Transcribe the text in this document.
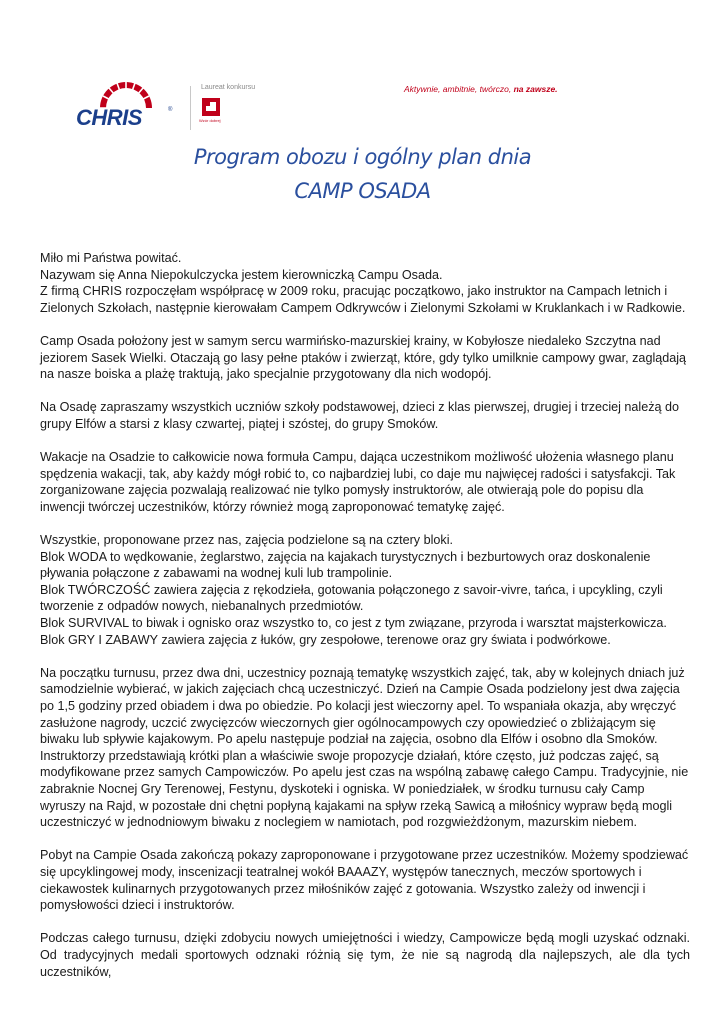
CHRIS	®
Laureat konkursu
Wzór dobrej
Aktywnie, ambitnie, twórczo, na zawsze.
Program obozu i ogólny plan dnia
CAMP OSADA

Miło mi Państwa powitać.
Nazywam się Anna Niepokulczycka jestem kierowniczką Campu Osada.
Z firmą CHRIS rozpoczęłam współpracę w 2009 roku, pracując początkowo, jako instruktor na Campach letnich i Zielonych Szkołach, następnie kierowałam Campem Odkrywców i Zielonymi Szkołami w Kruklankach i w Radkowie.

Camp Osada położony jest w samym sercu warmińsko-mazurskiej krainy, w Kobyłosze niedaleko Szczytna nad jeziorem Sasek Wielki. Otaczają go lasy pełne ptaków i zwierząt, które, gdy tylko umilknie campowy gwar, zaglądają na nasze boiska a plażę traktują, jako specjalnie przygotowany dla nich wodopój.

Na Osadę zapraszamy wszystkich uczniów szkoły podstawowej, dzieci z klas pierwszej, drugiej i trzeciej należą do grupy Elfów a starsi z klasy czwartej, piątej i szóstej, do grupy Smoków.

Wakacje na Osadzie to całkowicie nowa formuła Campu, dająca uczestnikom możliwość ułożenia własnego planu spędzenia wakacji, tak, aby każdy mógł robić to, co najbardziej lubi, co daje mu najwięcej radości i satysfakcji. Tak zorganizowane zajęcia pozwalają realizować nie tylko pomysły instruktorów, ale otwierają pole do popisu dla inwencji twórczej uczestników, którzy również mogą zaproponować tematykę zajęć.

Wszystkie, proponowane przez nas, zajęcia podzielone są na cztery bloki.
Blok WODA to wędkowanie, żeglarstwo, zajęcia na kajakach turystycznych i bezburtowych oraz doskonalenie pływania połączone z zabawami na wodnej kuli lub trampolinie.
Blok TWÓRCZOŚĆ zawiera zajęcia z rękodzieła, gotowania połączonego z savoir-vivre, tańca, i upcykling, czyli tworzenie z odpadów nowych, niebanalnych przedmiotów.
Blok SURVIVAL to biwak i ognisko oraz wszystko to, co jest z tym związane, przyroda i warsztat majsterkowicza.
Blok GRY I ZABAWY zawiera zajęcia z łuków, gry zespołowe, terenowe oraz gry świata i podwórkowe.

Na początku turnusu, przez dwa dni, uczestnicy poznają tematykę wszystkich zajęć, tak, aby w kolejnych dniach już samodzielnie wybierać, w jakich zajęciach chcą uczestniczyć. Dzień na Campie Osada podzielony jest dwa zajęcia po 1,5 godziny przed obiadem i dwa po obiedzie. Po kolacji jest wieczorny apel. To wspaniała okazja, aby wręczyć zasłużone nagrody, uczcić zwycięzców wieczornych gier ogólnocampowych czy opowiedzieć o zbliżającym się biwaku lub spływie kajakowym. Po apelu następuje podział na zajęcia, osobno dla Elfów i osobno dla Smoków. Instruktorzy przedstawiają krótki plan a właściwie swoje propozycje działań, które często, już podczas zajęć, są modyfikowane przez samych Campowiczów. Po apelu jest czas na wspólną zabawę całego Campu. Tradycyjnie, nie zabraknie Nocnej Gry Terenowej, Festynu, dyskoteki i ogniska. W poniedziałek, w środku turnusu cały Camp wyruszy na Rajd, w pozostałe dni chętni popłyną kajakami na spływ rzeką Sawicą a miłośnicy wypraw będą mogli uczestniczyć w jednodniowym biwaku z noclegiem w namiotach, pod rozgwieżdżonym, mazurskim niebem.

Pobyt na Campie Osada zakończą pokazy zaproponowane i przygotowane przez uczestników. Możemy spodziewać się upcyklingowej mody, inscenizacji teatralnej wokół BAAAZY, występów tanecznych, meczów sportowych i ciekawostek kulinarnych przygotowanych przez miłośników zajęć z gotowania. Wszystko zależy od inwencji i pomysłowości dzieci i instruktorów.

Podczas całego turnusu, dzięki zdobyciu nowych umiejętności i wiedzy, Campowicze będą mogli uzyskać odznaki. Od tradycyjnych medali sportowych odznaki różnią się tym, że nie są nagrodą dla najlepszych, ale dla tych uczestników,
